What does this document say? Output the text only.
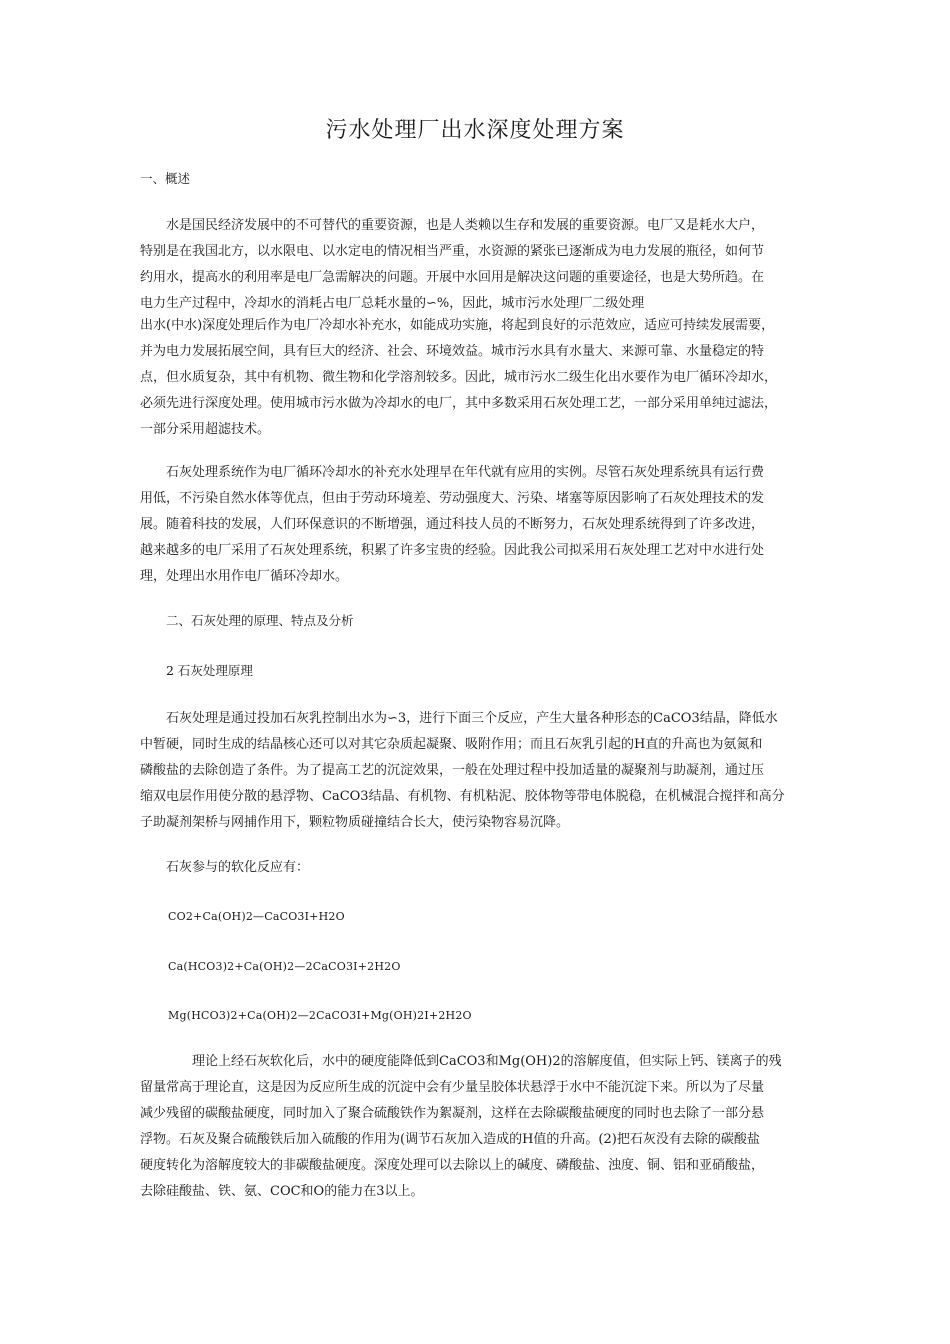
污水处理厂出水深度处理方案

一、概述

水是国民经济发展中的不可替代的重要资源，也是人类赖以生存和发展的重要资源。电厂又是耗水大户，
特别是在我国北方，以水限电、以水定电的情况相当严重，水资源的紧张已逐渐成为电力发展的瓶径，如何节
约用水，提高水的利用率是电厂急需解决的问题。开展中水回用是解决这问题的重要途径，也是大势所趋。在
电力生产过程中，冷却水的消耗占电厂总耗水量的∽%，因此，城市污水处理厂二级处理
出水(中水)深度处理后作为电厂冷却水补充水，如能成功实施，将起到良好的示范效应，适应可持续发展需要，
并为电力发展拓展空间，具有巨大的经济、社会、环境效益。城市污水具有水量大、来源可靠、水量稳定的特
点，但水质复杂，其中有机物、微生物和化学溶剂较多。因此，城市污水二级生化出水要作为电厂循环冷却水，
必须先进行深度处理。使用城市污水做为冷却水的电厂，其中多数采用石灰处理工艺，一部分采用单纯过滤法，
一部分采用超滤技术。
石灰处理系统作为电厂循环冷却水的补充水处理早在年代就有应用的实例。尽管石灰处理系统具有运行费
用低，不污染自然水体等优点，但由于劳动环境差、劳动强度大、污染、堵塞等原因影响了石灰处理技术的发
展。随着科技的发展，人们环保意识的不断增强，通过科技人员的不断努力，石灰处理系统得到了许多改进，
越来越多的电厂采用了石灰处理系统，积累了许多宝贵的经验。因此我公司拟采用石灰处理工艺对中水进行处
理，处理出水用作电厂循环冷却水。

二、石灰处理的原理、特点及分析

2 石灰处理原理

石灰处理是通过投加石灰乳控制出水为∽3，进行下面三个反应，产生大量各种形态的CaCO3结晶，降低水
中暂硬，同时生成的结晶核心还可以对其它杂质起凝聚、吸附作用；而且石灰乳引起的H直的升高也为氨氮和
磷酸盐的去除创造了条件。为了提高工艺的沉淀效果，一般在处理过程中投加适量的凝聚剂与助凝剂，通过压
缩双电层作用使分散的悬浮物、CaCO3结晶、有机物、有机粘泥、胶体物等带电体脱稳，在机械混合搅拌和高分
子助凝剂架桥与网捕作用下，颗粒物质碰撞结合长大，使污染物容易沉降。

石灰参与的软化反应有：

CO2+Ca(OH)2—CaCO3I+H2O

Ca(HCO3)2+Ca(OH)2—2CaCO3I+2H2O

Mg(HCO3)2+Ca(OH)2—2CaCO3I+Mg(OH)2I+2H2O

理论上经石灰软化后，水中的硬度能降低到CaCO3和Mg(OH)2的溶解度值，但实际上钙、镁离子的残
留量常高于理论直，这是因为反应所生成的沉淀中会有少量呈胶体状悬浮于水中不能沉淀下来。所以为了尽量
减少残留的碳酸盐硬度，同时加入了聚合硫酸铁作为絮凝剂，这样在去除碳酸盐硬度的同时也去除了一部分悬
浮物。石灰及聚合硫酸铁后加入硫酸的作用为(调节石灰加入造成的H值的升高。(2)把石灰没有去除的碳酸盐
硬度转化为溶解度较大的非碳酸盐硬度。深度处理可以去除以上的碱度、磷酸盐、浊度、铜、铝和亚硝酸盐，
去除硅酸盐、铁、氨、COC和O的能力在3以上。
